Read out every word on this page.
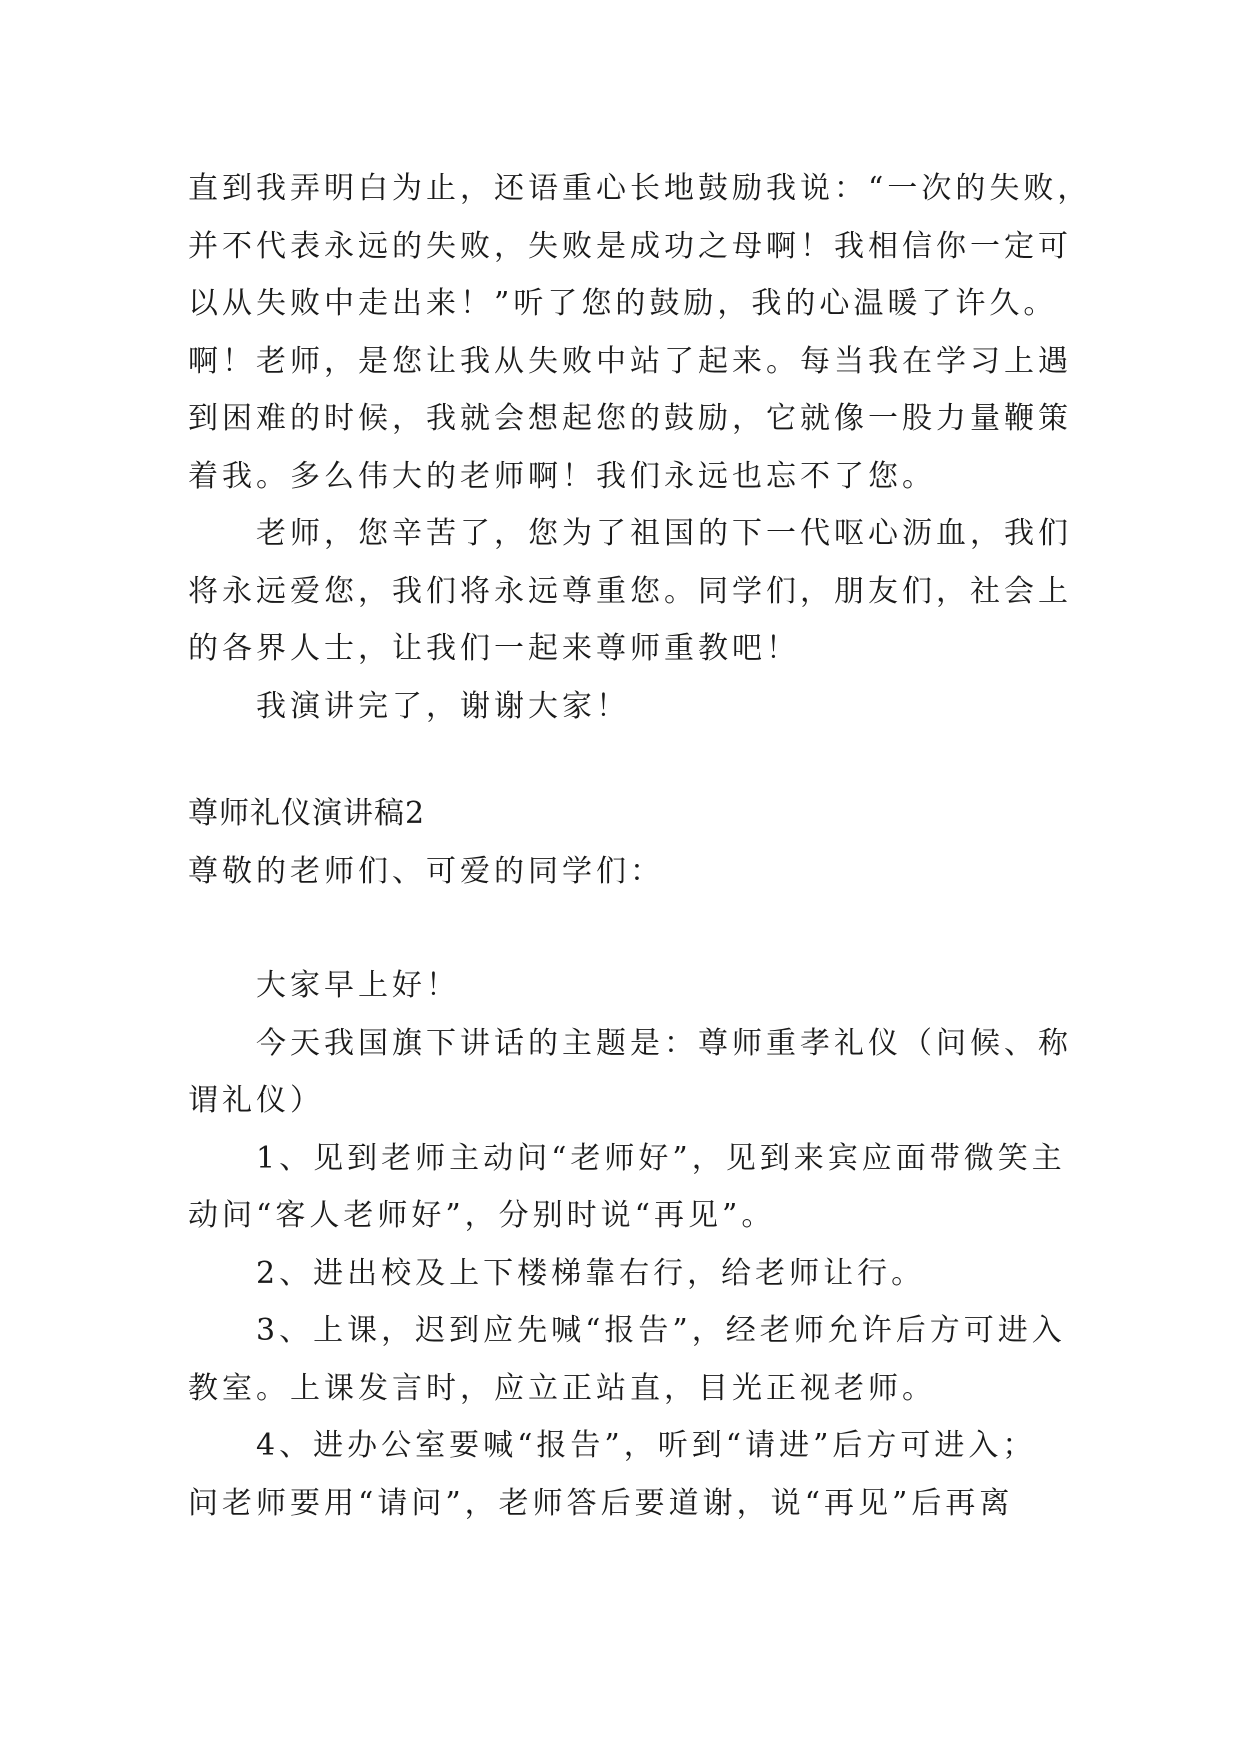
直到我弄明白为止，还语重心长地鼓励我说：“一次的失败，
并不代表永远的失败，失败是成功之母啊！我相信你一定可
以从失败中走出来！”听了您的鼓励，我的心温暖了许久。
啊！老师，是您让我从失败中站了起来。每当我在学习上遇
到困难的时候，我就会想起您的鼓励，它就像一股力量鞭策
着我。多么伟大的老师啊！我们永远也忘不了您。
老师，您辛苦了，您为了祖国的下一代呕心沥血，我们
将永远爱您，我们将永远尊重您。同学们，朋友们，社会上
的各界人士，让我们一起来尊师重教吧！
我演讲完了，谢谢大家！
尊师礼仪演讲稿2
尊敬的老师们、可爱的同学们：
大家早上好！
今天我国旗下讲话的主题是：尊师重孝礼仪（问候、称
谓礼仪）
1、见到老师主动问“老师好”，见到来宾应面带微笑主
动问“客人老师好”，分别时说“再见”。
2、进出校及上下楼梯靠右行，给老师让行。
3、上课，迟到应先喊“报告”，经老师允许后方可进入
教室。上课发言时，应立正站直，目光正视老师。
4、进办公室要喊“报告”，听到“请进”后方可进入；
问老师要用“请问”，老师答后要道谢，说“再见”后再离
